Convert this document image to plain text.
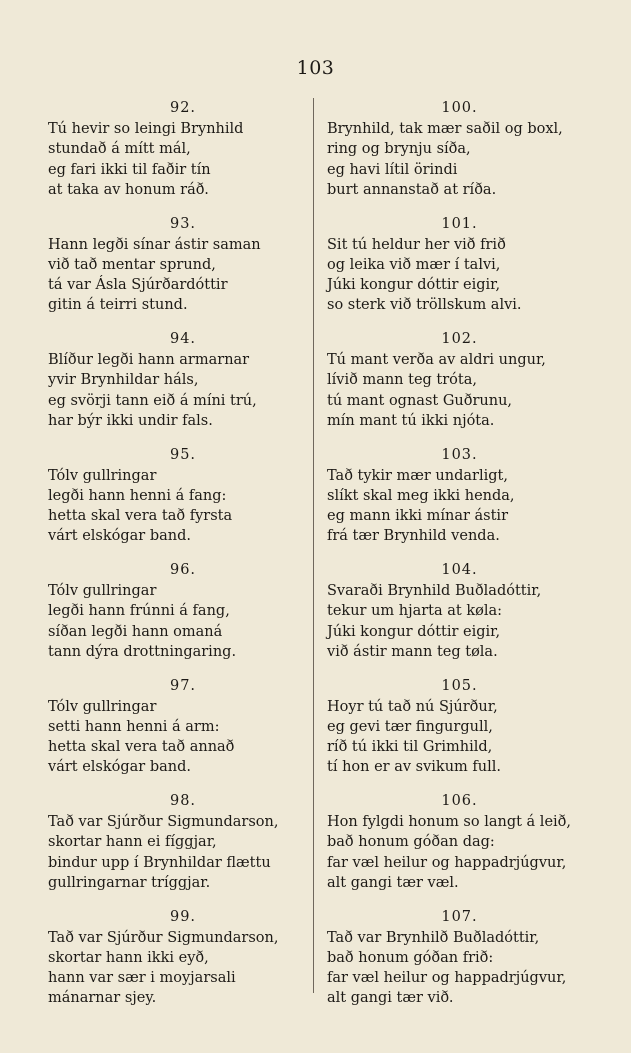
103
92.
Tú hevir so leingi Brynhild
stundað á mítt mál,
eg fari ikki til faðir tín
at taka av honum ráð.
93.
Hann legði sínar ástir saman
við tað mentar sprund,
tá var Ásla Sjúrðardóttir
gitin á teirri stund.
94.
Blíður legði hann armarnar
yvir Brynhildar háls,
eg svörji tann eið á míni trú,
har býr ikki undir fals.
95.
Tólv gullringar
legði hann henni á fang:
hetta skal vera tað fyrsta
várt elskógar band.
96.
Tólv gullringar
legði hann frúnni á fang,
síðan legði hann omaná
tann dýra drottningaring.
97.
Tólv gullringar
setti hann henni á arm:
hetta skal vera tað annað
várt elskógar band.
98.
Tað var Sjúrður Sigmundarson,
skortar hann ei fíggjar,
bindur upp í Brynhildar flættu
gullringarnar tríggjar.
99.
Tað var Sjúrður Sigmundarson,
skortar hann ikki eyð,
hann var sær i moyjarsali
mánarnar sjey.
100.
Brynhild, tak mær saðil og boxl,
ring og brynju síða,
eg havi lítil örindi
burt annanstað at ríða.
101.
Sit tú heldur her við frið
og leika við mær í talvi,
Júki kongur dóttir eigir,
so sterk við tröllskum alvi.
102.
Tú mant verða av aldri ungur,
lívið mann teg tróta,
tú mant ognast Guðrunu,
mín mant tú ikki njóta.
103.
Tað tykir mær undarligt,
slíkt skal meg ikki henda,
eg mann ikki mínar ástir
frá tær Brynhild venda.
104.
Svaraði Brynhild Buðladóttir,
tekur um hjarta at køla:
Júki kongur dóttir eigir,
við ástir mann teg tøla.
105.
Hoyr tú tað nú Sjúrður,
eg gevi tær fingurgull,
ríð tú ikki til Grimhild,
tí hon er av svikum full.
106.
Hon fylgdi honum so langt á leið,
bað honum góðan dag:
far væl heilur og happadrjúgvur,
alt gangi tær væl.
107.
Tað var Brynhilð Buðladóttir,
bað honum góðan frið:
far væl heilur og happadrjúgvur,
alt gangi tær við.
